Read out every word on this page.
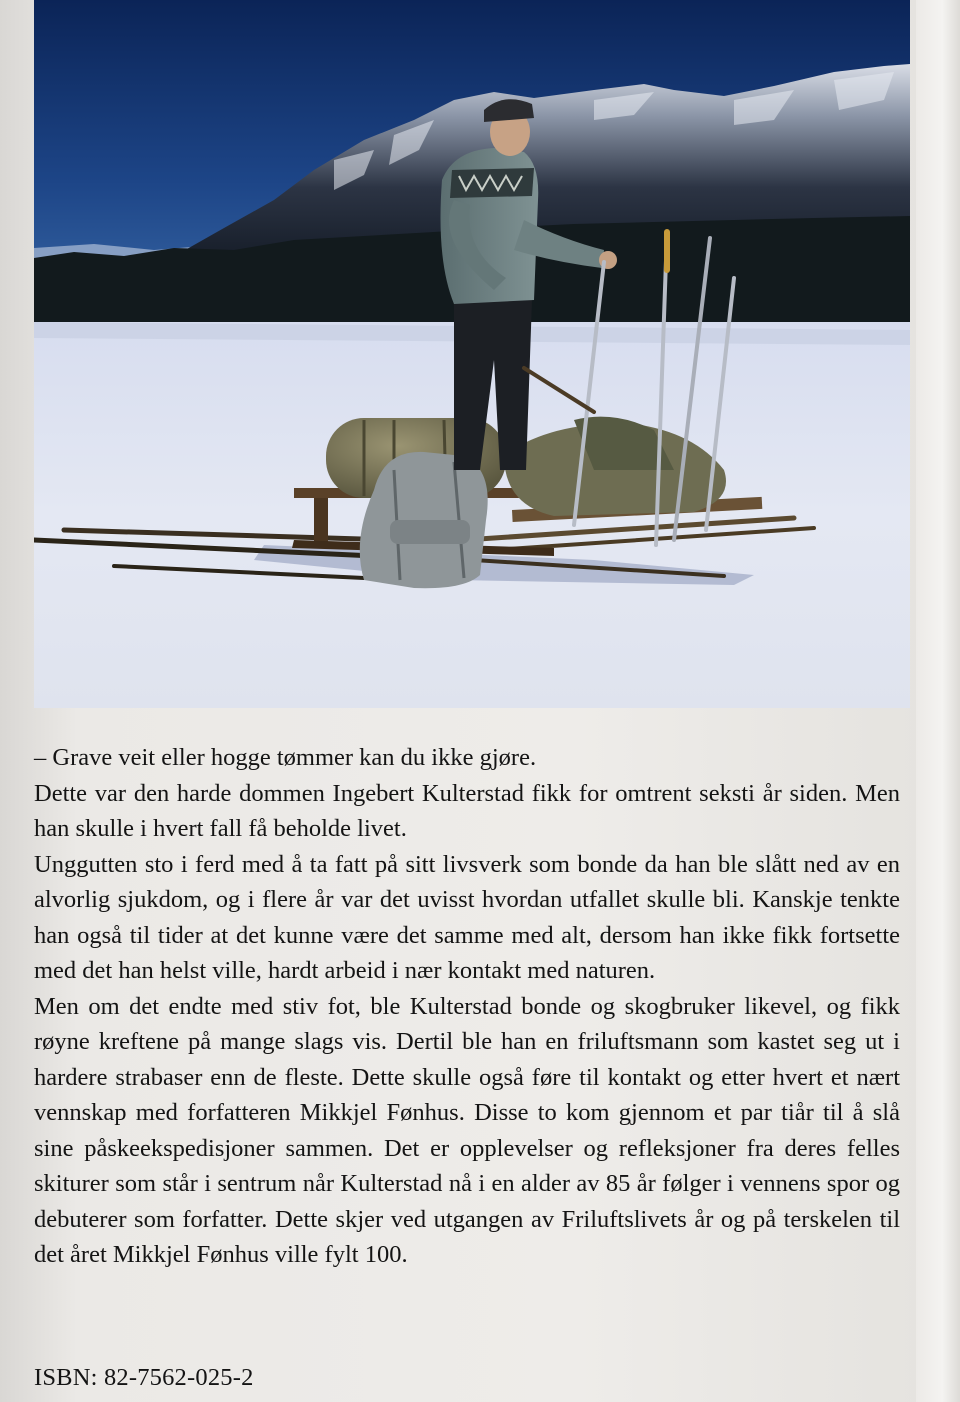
– Grave veit eller hogge tømmer kan du ikke gjøre.

Dette var den harde dommen Ingebert Kulterstad fikk for omtrent seksti år siden. Men han skulle i hvert fall få beholde livet.

Unggutten sto i ferd med å ta fatt på sitt livsverk som bonde da han ble slått ned av en alvorlig sjukdom, og i flere år var det uvisst hvordan utfallet skulle bli. Kanskje tenkte han også til tider at det kunne være det samme med alt, dersom han ikke fikk fortsette med det han helst ville, hardt arbeid i nær kontakt med naturen.

Men om det endte med stiv fot, ble Kulterstad bonde og skogbruker likevel, og fikk røyne kreftene på mange slags vis. Dertil ble han en friluftsmann som kastet seg ut i hardere strabaser enn de fleste. Dette skulle også føre til kontakt og etter hvert et nært vennskap med forfatteren Mikkjel Fønhus. Disse to kom gjennom et par tiår til å slå sine påskeekspedisjoner sammen. Det er opplevelser og refleksjoner fra deres felles skiturer som står i sentrum når Kulterstad nå i en alder av 85 år følger i vennens spor og debuterer som forfatter. Dette skjer ved utgangen av Friluftslivets år og på terskelen til det året Mikkjel Fønhus ville fylt 100.

ISBN: 82-7562-025-2
